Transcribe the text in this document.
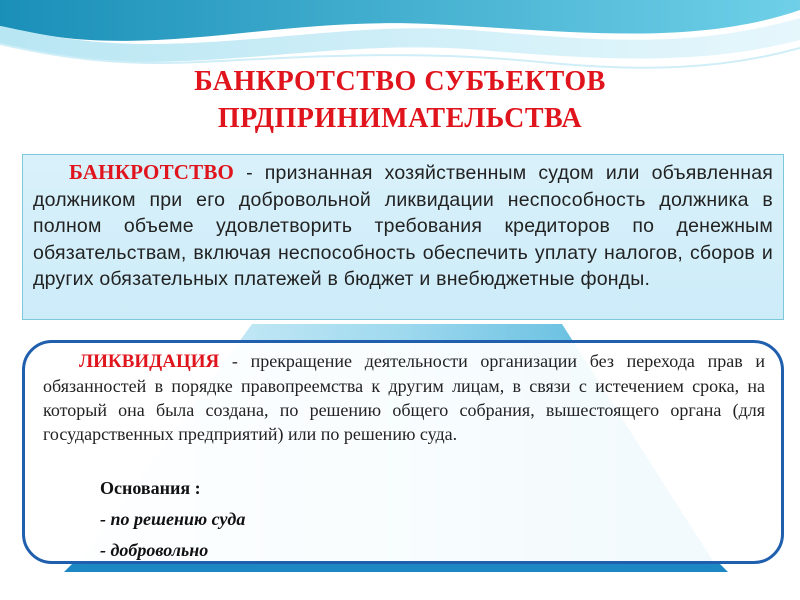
БАНКРОТСТВО СУБЪЕКТОВ
ПРДПРИНИМАТЕЛЬСТВА
БАНКРОТСТВО - признанная хозяйственным судом или объявленная должником при его добровольной ликвидации неспособность должника в полном объеме удовлетворить требования кредиторов по денежным обязательствам, включая неспособность обеспечить уплату налогов, сборов и других обязательных платежей в бюджет и внебюджетные фонды.
ЛИКВИДАЦИЯ - прекращение деятельности организации без перехода прав и обязанностей в порядке правопреемства к другим лицам, в связи с истечением срока, на который она была создана, по решению общего собрания, вышестоящего органа (для государственных предприятий) или по решению суда.
Основания :
- по решению суда
- добровольно
